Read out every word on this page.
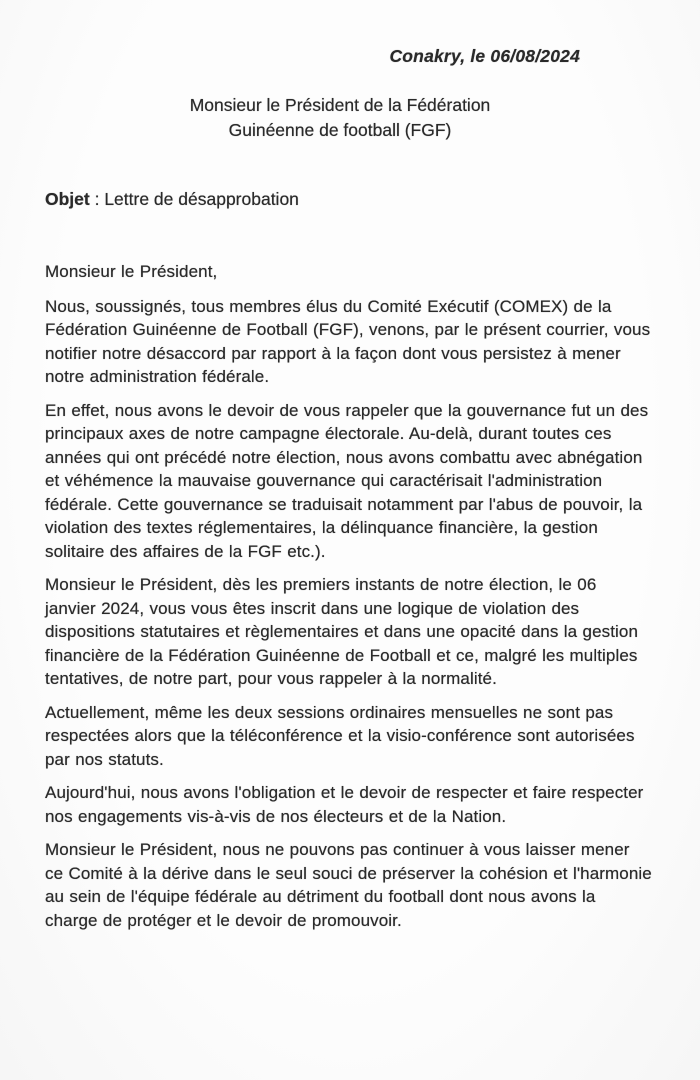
Conakry, le 06/08/2024

Monsieur le Président de la Fédération
Guinéenne de football (FGF)

Objet : Lettre de désapprobation

Monsieur le Président,

Nous, soussignés, tous membres élus du Comité Exécutif (COMEX) de la Fédération Guinéenne de Football (FGF), venons, par le présent courrier, vous notifier notre désaccord par rapport à la façon dont vous persistez à mener notre administration fédérale.

En effet, nous avons le devoir de vous rappeler que la gouvernance fut un des principaux axes de notre campagne électorale. Au-delà, durant toutes ces années qui ont précédé notre élection, nous avons combattu avec abnégation et véhémence la mauvaise gouvernance qui caractérisait l'administration fédérale. Cette gouvernance se traduisait notamment par l'abus de pouvoir, la violation des textes réglementaires, la délinquance financière, la gestion solitaire des affaires de la FGF etc.).

Monsieur le Président, dès les premiers instants de notre élection, le 06 janvier 2024, vous vous êtes inscrit dans une logique de violation des dispositions statutaires et règlementaires et dans une opacité dans la gestion financière de la Fédération Guinéenne de Football et ce, malgré les multiples tentatives, de notre part, pour vous rappeler à la normalité.

Actuellement, même les deux sessions ordinaires mensuelles ne sont pas respectées alors que la téléconférence et la visio-conférence sont autorisées par nos statuts.

Aujourd'hui, nous avons l'obligation et le devoir de respecter et faire respecter nos engagements vis-à-vis de nos électeurs et de la Nation.

Monsieur le Président, nous ne pouvons pas continuer à vous laisser mener ce Comité à la dérive dans le seul souci de préserver la cohésion et l'harmonie au sein de l'équipe fédérale au détriment du football dont nous avons la charge de protéger et le devoir de promouvoir.
